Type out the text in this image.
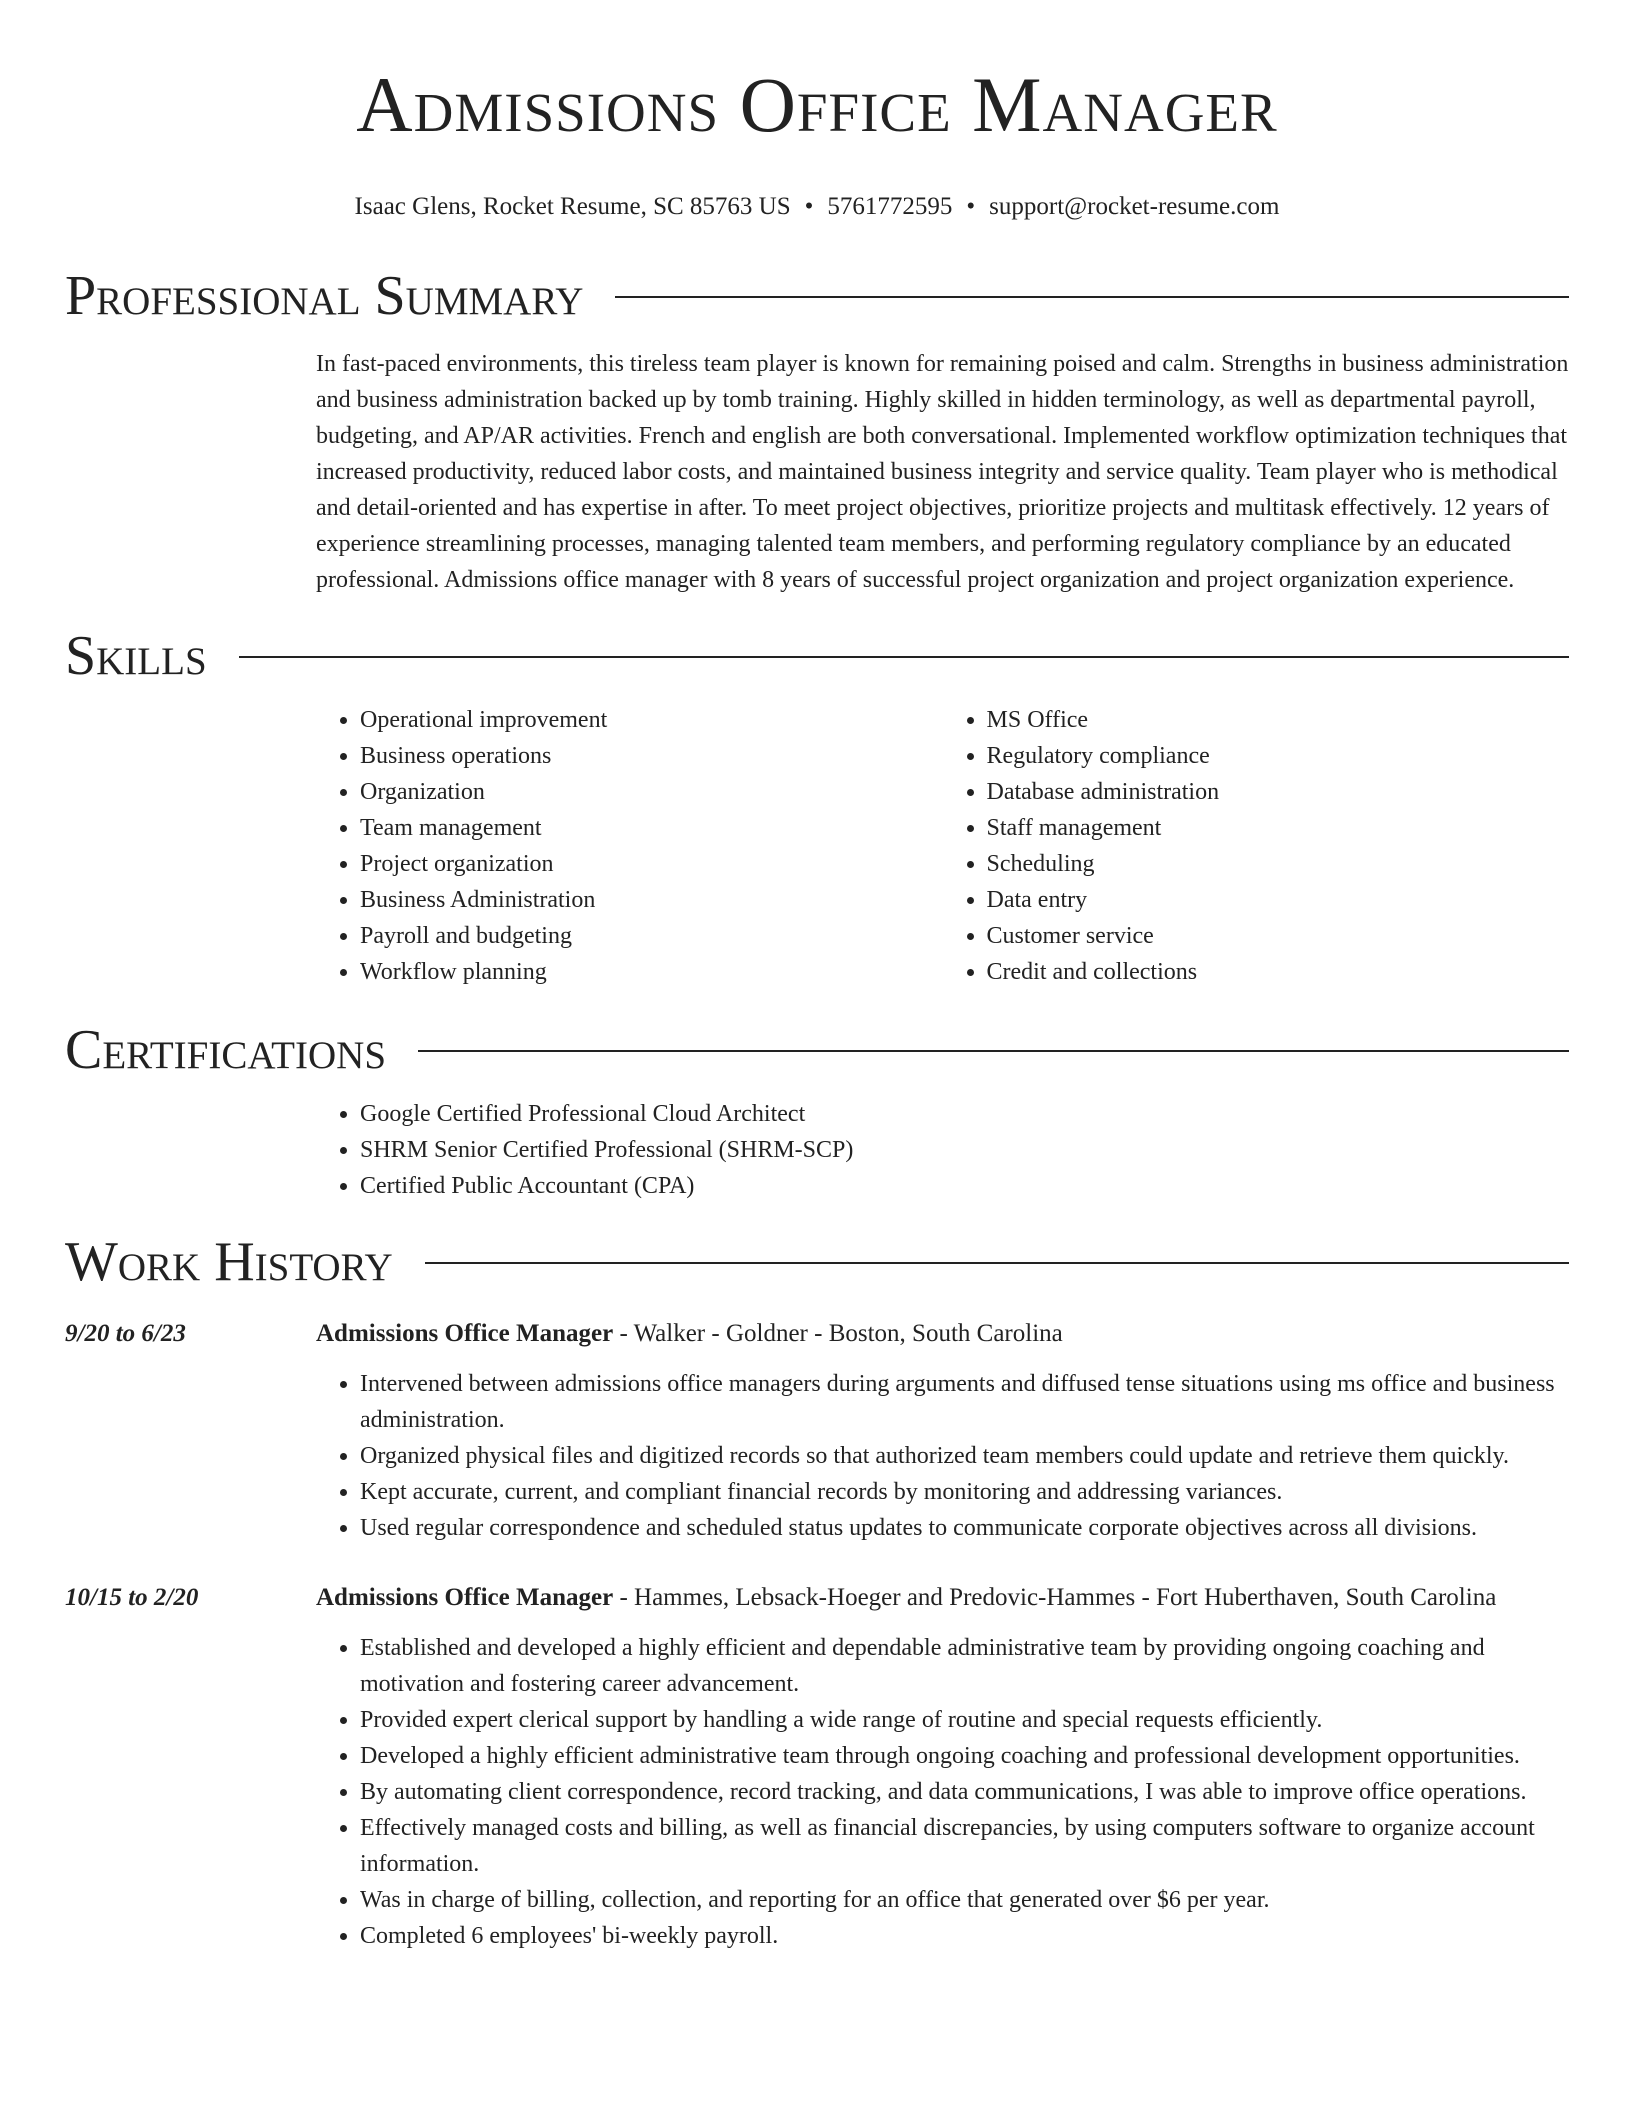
Admissions Office Manager
Isaac Glens, Rocket Resume, SC 85763 US • 5761772595 • support@rocket-resume.com
Professional Summary
In fast-paced environments, this tireless team player is known for remaining poised and calm. Strengths in business administration and business administration backed up by tomb training. Highly skilled in hidden terminology, as well as departmental payroll, budgeting, and AP/AR activities. French and english are both conversational. Implemented workflow optimization techniques that increased productivity, reduced labor costs, and maintained business integrity and service quality. Team player who is methodical and detail-oriented and has expertise in after. To meet project objectives, prioritize projects and multitask effectively. 12 years of experience streamlining processes, managing talented team members, and performing regulatory compliance by an educated professional. Admissions office manager with 8 years of successful project organization and project organization experience.
Skills
• Operational improvement
• Business operations
• Organization
• Team management
• Project organization
• Business Administration
• Payroll and budgeting
• Workflow planning
• MS Office
• Regulatory compliance
• Database administration
• Staff management
• Scheduling
• Data entry
• Customer service
• Credit and collections
Certifications
• Google Certified Professional Cloud Architect
• SHRM Senior Certified Professional (SHRM-SCP)
• Certified Public Accountant (CPA)
Work History
9/20 to 6/23	Admissions Office Manager - Walker - Goldner - Boston, South Carolina
• Intervened between admissions office managers during arguments and diffused tense situations using ms office and business administration.
• Organized physical files and digitized records so that authorized team members could update and retrieve them quickly.
• Kept accurate, current, and compliant financial records by monitoring and addressing variances.
• Used regular correspondence and scheduled status updates to communicate corporate objectives across all divisions.
10/15 to 2/20	Admissions Office Manager - Hammes, Lebsack-Hoeger and Predovic-Hammes - Fort Huberthaven, South Carolina
• Established and developed a highly efficient and dependable administrative team by providing ongoing coaching and motivation and fostering career advancement.
• Provided expert clerical support by handling a wide range of routine and special requests efficiently.
• Developed a highly efficient administrative team through ongoing coaching and professional development opportunities.
• By automating client correspondence, record tracking, and data communications, I was able to improve office operations.
• Effectively managed costs and billing, as well as financial discrepancies, by using computers software to organize account information.
• Was in charge of billing, collection, and reporting for an office that generated over $6 per year.
• Completed 6 employees' bi-weekly payroll.
